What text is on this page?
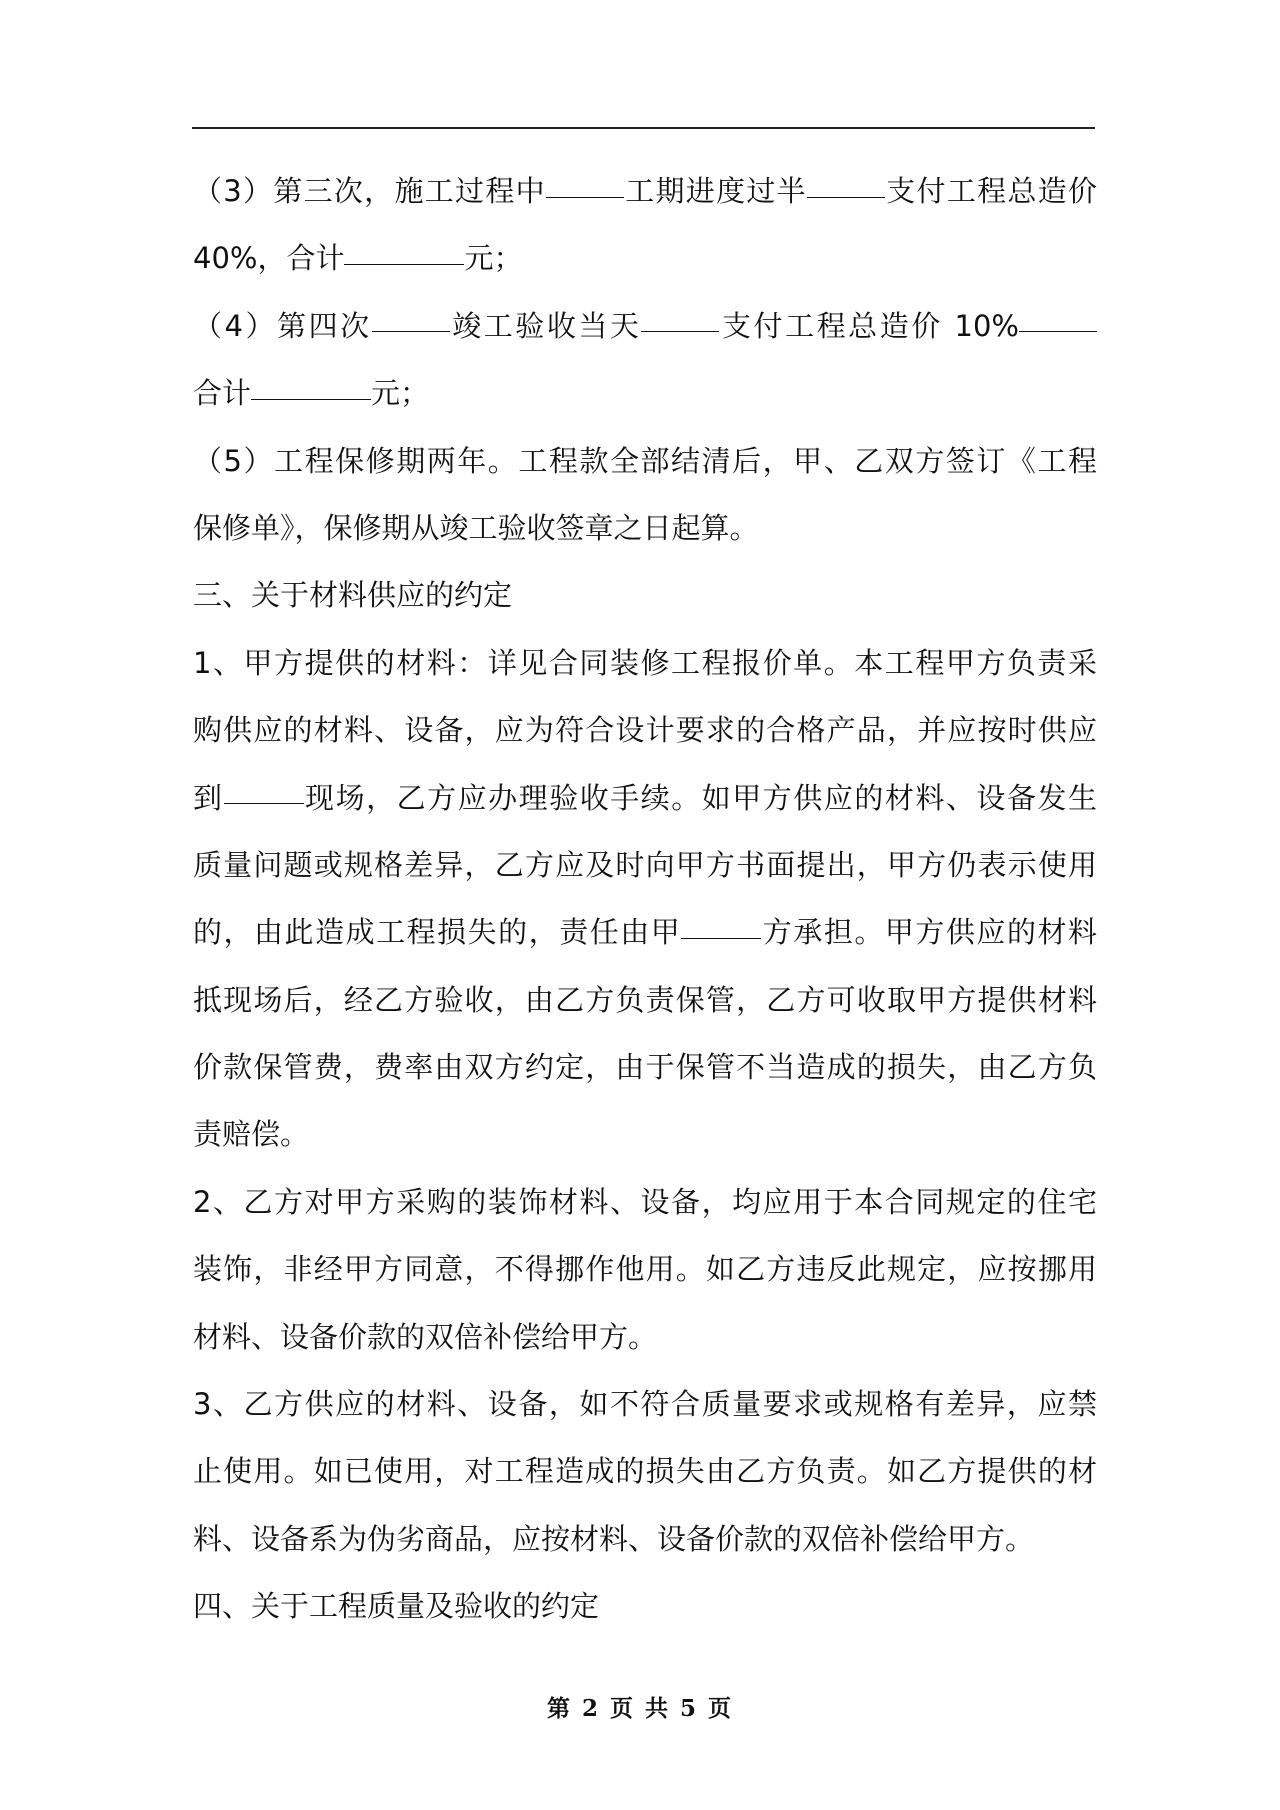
（3）第三次，施工过程中	工期进度过半	支付工程总造价
40%，合计	元；
（4）第四次	竣工验收当天	支付工程总造价 10%
合计	元；
（5）工程保修期两年。工程款全部结清后，甲、乙双方签订《工程
保修单》，保修期从竣工验收签章之日起算。
三、关于材料供应的约定
1、甲方提供的材料：详见合同装修工程报价单。本工程甲方负责采
购供应的材料、设备，应为符合设计要求的合格产品，并应按时供应
到	现场，乙方应办理验收手续。如甲方供应的材料、设备发生
质量问题或规格差异，乙方应及时向甲方书面提出，甲方仍表示使用
的，由此造成工程损失的，责任由甲	方承担。甲方供应的材料
抵现场后，经乙方验收，由乙方负责保管，乙方可收取甲方提供材料
价款保管费，费率由双方约定，由于保管不当造成的损失，由乙方负
责赔偿。
2、乙方对甲方采购的装饰材料、设备，均应用于本合同规定的住宅
装饰，非经甲方同意，不得挪作他用。如乙方违反此规定，应按挪用
材料、设备价款的双倍补偿给甲方。
3、乙方供应的材料、设备，如不符合质量要求或规格有差异，应禁
止使用。如已使用，对工程造成的损失由乙方负责。如乙方提供的材
料、设备系为伪劣商品，应按材料、设备价款的双倍补偿给甲方。
四、关于工程质量及验收的约定
第 2 页 共 5 页
